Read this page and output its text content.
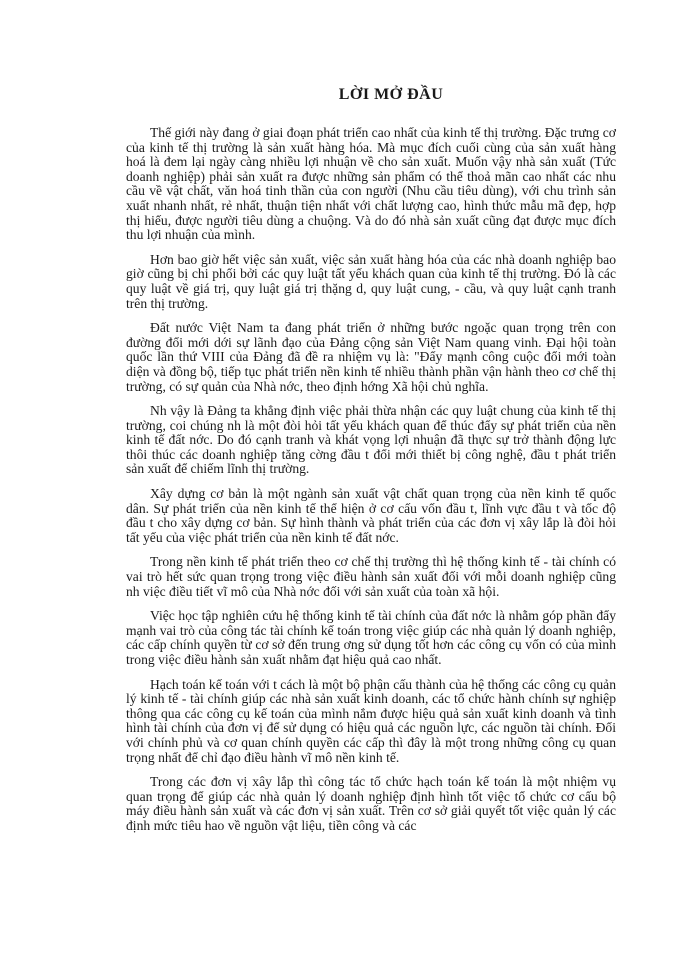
LỜI MỞ ĐẦU

Thế giới này đang ở giai đoạn phát triển cao nhất của kinh tế thị trường. Đặc trưng cơ của kinh tế thị trường là sản xuất hàng hóa. Mà mục đích cuối cùng của sản xuất hàng hoá là đem lại ngày càng nhiều lợi nhuận về cho sản xuất. Muốn vậy nhà sản xuất (Tức doanh nghiệp) phải sản xuất ra được những sản phẩm có thể thoả mãn cao nhất các nhu cầu về vật chất, văn hoá tinh thần của con người (Nhu cầu tiêu dùng), với chu trình sản xuất nhanh nhất, rẻ nhất, thuận tiện nhất với chất lượng cao, hình thức mẫu mã đẹp, hợp thị hiếu, được người tiêu dùng a chuộng. Và do đó nhà sản xuất cũng đạt được mục đích thu lợi nhuận của mình.

Hơn bao giờ hết việc sản xuất, việc sản xuất hàng hóa của các nhà doanh nghiệp bao giờ cũng bị chi phối bởi các quy luật tất yếu khách quan của kinh tế thị trường. Đó là các quy luật về giá trị, quy luật giá trị thặng d, quy luật cung, - cầu, và quy luật cạnh tranh trên thị trường.

Đất nước Việt Nam ta đang phát triển ở những bước ngoặc quan trọng trên con đường đổi mới dới sự lãnh đạo của Đảng cộng sản Việt Nam quang vinh. Đại hội toàn quốc lần thứ VIII của Đảng đã đề ra nhiệm vụ là: "Đẩy mạnh công cuộc đổi mới toàn diện và đồng bộ, tiếp tục phát triển nền kinh tế nhiều thành phần vận hành theo cơ chế thị trường, có sự quản của Nhà nớc, theo định hớng Xã hội chủ nghĩa.

Nh vậy là Đảng ta khẳng định việc phải thừa nhận các quy luật chung của kinh tế thị trường, coi chúng nh là một đòi hỏi tất yếu khách quan để thúc đẩy sự phát triển của nền kinh tế đất nớc. Do đó cạnh tranh và khát vọng lợi nhuận đã thực sự trở thành động lực thôi thúc các doanh nghiệp tăng cờng đầu t đổi mới thiết bị công nghệ, đầu t phát triển sản xuất để chiếm lĩnh thị trường.

Xây dựng cơ bản là một ngành sản xuất vật chất quan trọng của nền kinh tế quốc dân. Sự phát triển của nền kinh tế thể hiện ở cơ cấu vốn đầu t, lĩnh vực đầu t và tốc độ đầu t cho xây dựng cơ bản. Sự hình thành và phát triển của các đơn vị xây lắp là đòi hỏi tất yếu của việc phát triển của nền kinh tế đất nớc.

Trong nền kinh tế phát triển theo cơ chế thị trường thì hệ thống kinh tế - tài chính có vai trò hết sức quan trọng trong việc điều hành sản xuất đối với mỗi doanh nghiệp cũng nh việc điều tiết vĩ mô của Nhà nớc đối với sản xuất của toàn xã hội.

Việc học tập nghiên cứu hệ thống kinh tế tài chính của đất nớc là nhằm góp phần đẩy mạnh vai trò của công tác tài chính kế toán trong việc giúp các nhà quản lý doanh nghiệp, các cấp chính quyền từ cơ sở đến trung ơng sử dụng tốt hơn các công cụ vốn có của mình trong việc điều hành sản xuất nhằm đạt hiệu quả cao nhất.

Hạch toán kế toán với t cách là một bộ phận cấu thành của hệ thống các công cụ quản lý kinh tế - tài chính giúp các nhà sản xuất kinh doanh, các tổ chức hành chính sự nghiệp thông qua các công cụ kế toán của mình nắm được hiệu quả sản xuất kinh doanh và tình hình tài chính của đơn vị để sử dụng có hiệu quả các nguồn lực, các nguồn tài chính. Đối với chính phủ và cơ quan chính quyền các cấp thì đây là một trong những công cụ quan trọng nhất để chỉ đạo điều hành vĩ mô nền kinh tế.

Trong các đơn vị xây lắp thì công tác tổ chức hạch toán kế toán là một nhiệm vụ quan trọng để giúp các nhà quản lý doanh nghiệp định hình tốt việc tổ chức cơ cấu bộ máy điều hành sản xuất và các đơn vị sản xuất. Trên cơ sở giải quyết tốt việc quản lý các định mức tiêu hao về nguồn vật liệu, tiền công và các
